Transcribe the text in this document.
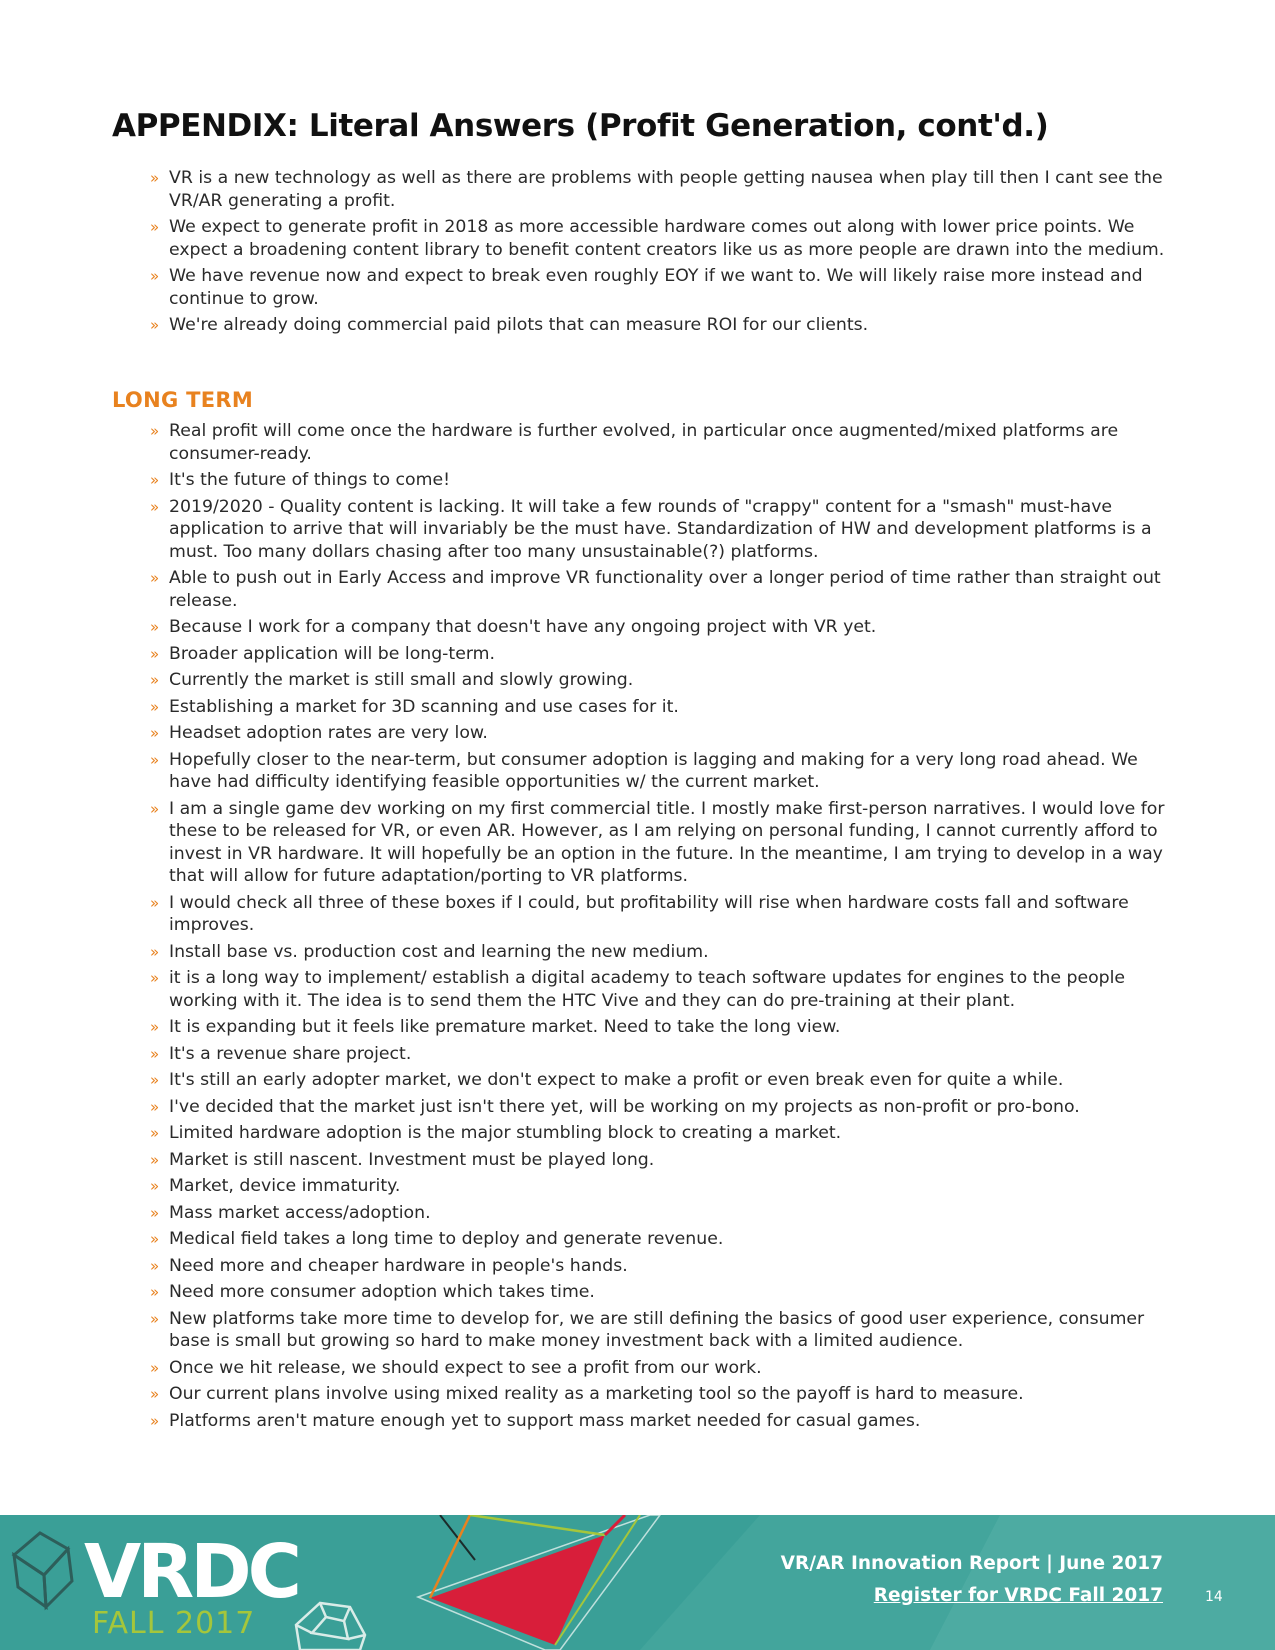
APPENDIX: Literal Answers (Profit Generation, cont'd.)
» VR is a new technology as well as there are problems with people getting nausea when play till then I cant see the VR/AR generating a profit.
» We expect to generate profit in 2018 as more accessible hardware comes out along with lower price points. We expect a broadening content library to benefit content creators like us as more people are drawn into the medium.
» We have revenue now and expect to break even roughly EOY if we want to. We will likely raise more instead and continue to grow.
» We're already doing commercial paid pilots that can measure ROI for our clients.
LONG TERM
» Real profit will come once the hardware is further evolved, in particular once augmented/mixed platforms are consumer-ready.
» It's the future of things to come!
» 2019/2020 - Quality content is lacking. It will take a few rounds of "crappy" content for a "smash" must-have application to arrive that will invariably be the must have. Standardization of HW and development platforms is a must. Too many dollars chasing after too many unsustainable(?) platforms.
» Able to push out in Early Access and improve VR functionality over a longer period of time rather than straight out release.
» Because I work for a company that doesn't have any ongoing project with VR yet.
» Broader application will be long-term.
» Currently the market is still small and slowly growing.
» Establishing a market for 3D scanning and use cases for it.
» Headset adoption rates are very low.
» Hopefully closer to the near-term, but consumer adoption is lagging and making for a very long road ahead. We have had difficulty identifying feasible opportunities w/ the current market.
» I am a single game dev working on my first commercial title. I mostly make first-person narratives. I would love for these to be released for VR, or even AR. However, as I am relying on personal funding, I cannot currently afford to invest in VR hardware. It will hopefully be an option in the future. In the meantime, I am trying to develop in a way that will allow for future adaptation/porting to VR platforms.
» I would check all three of these boxes if I could, but profitability will rise when hardware costs fall and software improves.
» Install base vs. production cost and learning the new medium.
» it is a long way to implement/ establish a digital academy to teach software updates for engines to the people working with it. The idea is to send them the HTC Vive and they can do pre-training at their plant.
» It is expanding but it feels like premature market. Need to take the long view.
» It's a revenue share project.
» It's still an early adopter market, we don't expect to make a profit or even break even for quite a while.
» I've decided that the market just isn't there yet, will be working on my projects as non-profit or pro-bono.
» Limited hardware adoption is the major stumbling block to creating a market.
» Market is still nascent. Investment must be played long.
» Market, device immaturity.
» Mass market access/adoption.
» Medical field takes a long time to deploy and generate revenue.
» Need more and cheaper hardware in people's hands.
» Need more consumer adoption which takes time.
» New platforms take more time to develop for, we are still defining the basics of good user experience, consumer base is small but growing so hard to make money investment back with a limited audience.
» Once we hit release, we should expect to see a profit from our work.
» Our current plans involve using mixed reality as a marketing tool so the payoff is hard to measure.
» Platforms aren't mature enough yet to support mass market needed for casual games.
VRDC
FALL 2017
VR/AR Innovation Report | June 2017
Register for VRDC Fall 2017	14
